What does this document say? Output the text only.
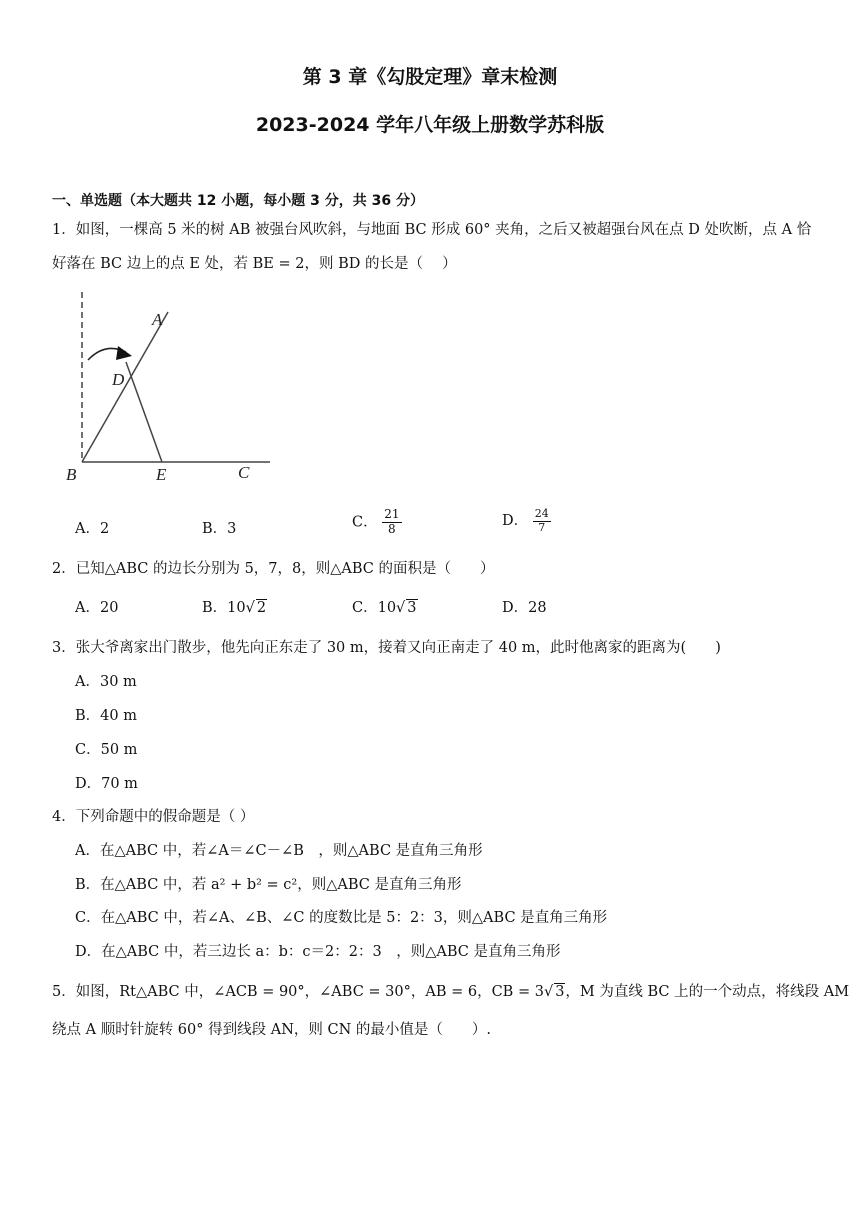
第 3 章《勾股定理》章末检测
2023-2024 学年八年级上册数学苏科版
一、单选题（本大题共 12 小题，每小题 3 分，共 36 分）
1．如图，一棵高 5 米的树 AB 被强台风吹斜，与地面 BC 形成 60° 夹角，之后又被超强台风在点 D 处吹断，点 A 恰
好落在 BC 边上的点 E 处，若 BE = 2，则 BD 的长是（　 ）
A
D
B	E	C
A．2	B．3	C． $\frac{21}{8}$	D． $\frac{24}{7}$
2．已知△ABC 的边长分别为 5，7，8，则△ABC 的面积是（　　）
A．20	B．10√ 2	C．10√ 3	D．28
3．张大爷离家出门散步，他先向正东走了 30 m，接着又向正南走了 40 m，此时他离家的距离为(　　)
A．30 m
B．40 m
C．50 m
D．70 m
4．下列命题中的假命题是（ ）
A．在△ABC 中，若∠A＝∠C－∠B　，则△ABC 是直角三角形
B．在△ABC 中，若 a² + b² = c²，则△ABC 是直角三角形
C．在△ABC 中，若∠A、∠B、∠C 的度数比是 5：2：3，则△ABC 是直角三角形
D．在△ABC 中，若三边长 a：b：c＝2：2：3　，则△ABC 是直角三角形
5．如图，Rt△ABC 中，∠ACB = 90°，∠ABC = 30°，AB = 6，CB = 3√ 3，M 为直线 BC 上的一个动点，将线段 AM
绕点 A 顺时针旋转 60° 得到线段 AN，则 CN 的最小值是（　　）.
